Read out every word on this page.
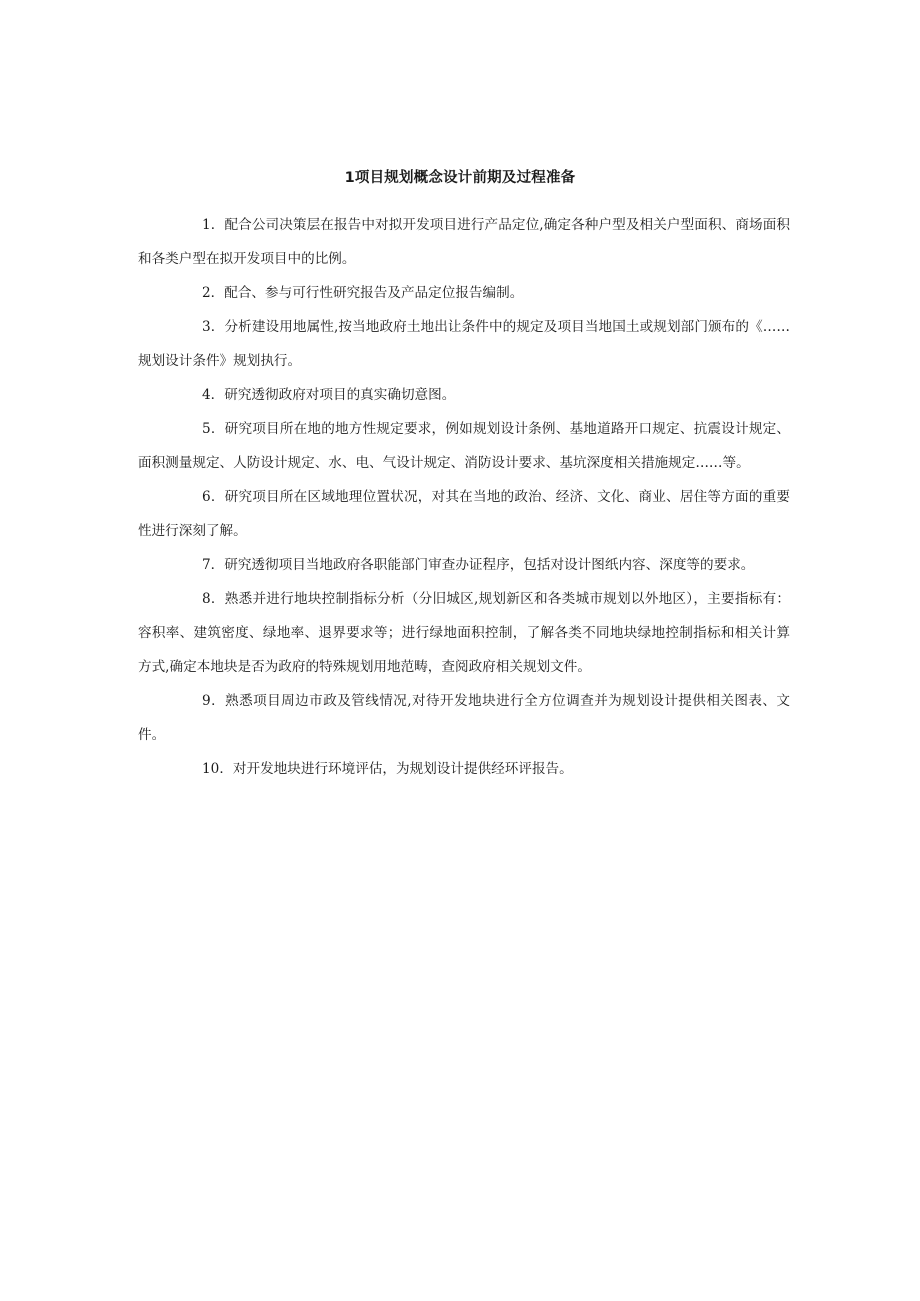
1项目规划概念设计前期及过程准备

1．配合公司决策层在报告中对拟开发项目进行产品定位,确定各种户型及相关户型面积、商场面积和各类户型在拟开发项目中的比例。

2．配合、参与可行性研究报告及产品定位报告编制。

3．分析建设用地属性,按当地政府土地出让条件中的规定及项目当地国土或规划部门颁布的《……规划设计条件》规划执行。

4．研究透彻政府对项目的真实确切意图。

5．研究项目所在地的地方性规定要求，例如规划设计条例、基地道路开口规定、抗震设计规定、面积测量规定、人防设计规定、水、电、气设计规定、消防设计要求、基坑深度相关措施规定……等。

6．研究项目所在区域地理位置状况，对其在当地的政治、经济、文化、商业、居住等方面的重要性进行深刻了解。

7．研究透彻项目当地政府各职能部门审查办证程序，包括对设计图纸内容、深度等的要求。

8．熟悉并进行地块控制指标分析（分旧城区,规划新区和各类城市规划以外地区），主要指标有：容积率、建筑密度、绿地率、退界要求等；进行绿地面积控制，了解各类不同地块绿地控制指标和相关计算方式,确定本地块是否为政府的特殊规划用地范畴，查阅政府相关规划文件。

9．熟悉项目周边市政及管线情况,对待开发地块进行全方位调查并为规划设计提供相关图表、文件。

10．对开发地块进行环境评估，为规划设计提供经环评报告。
